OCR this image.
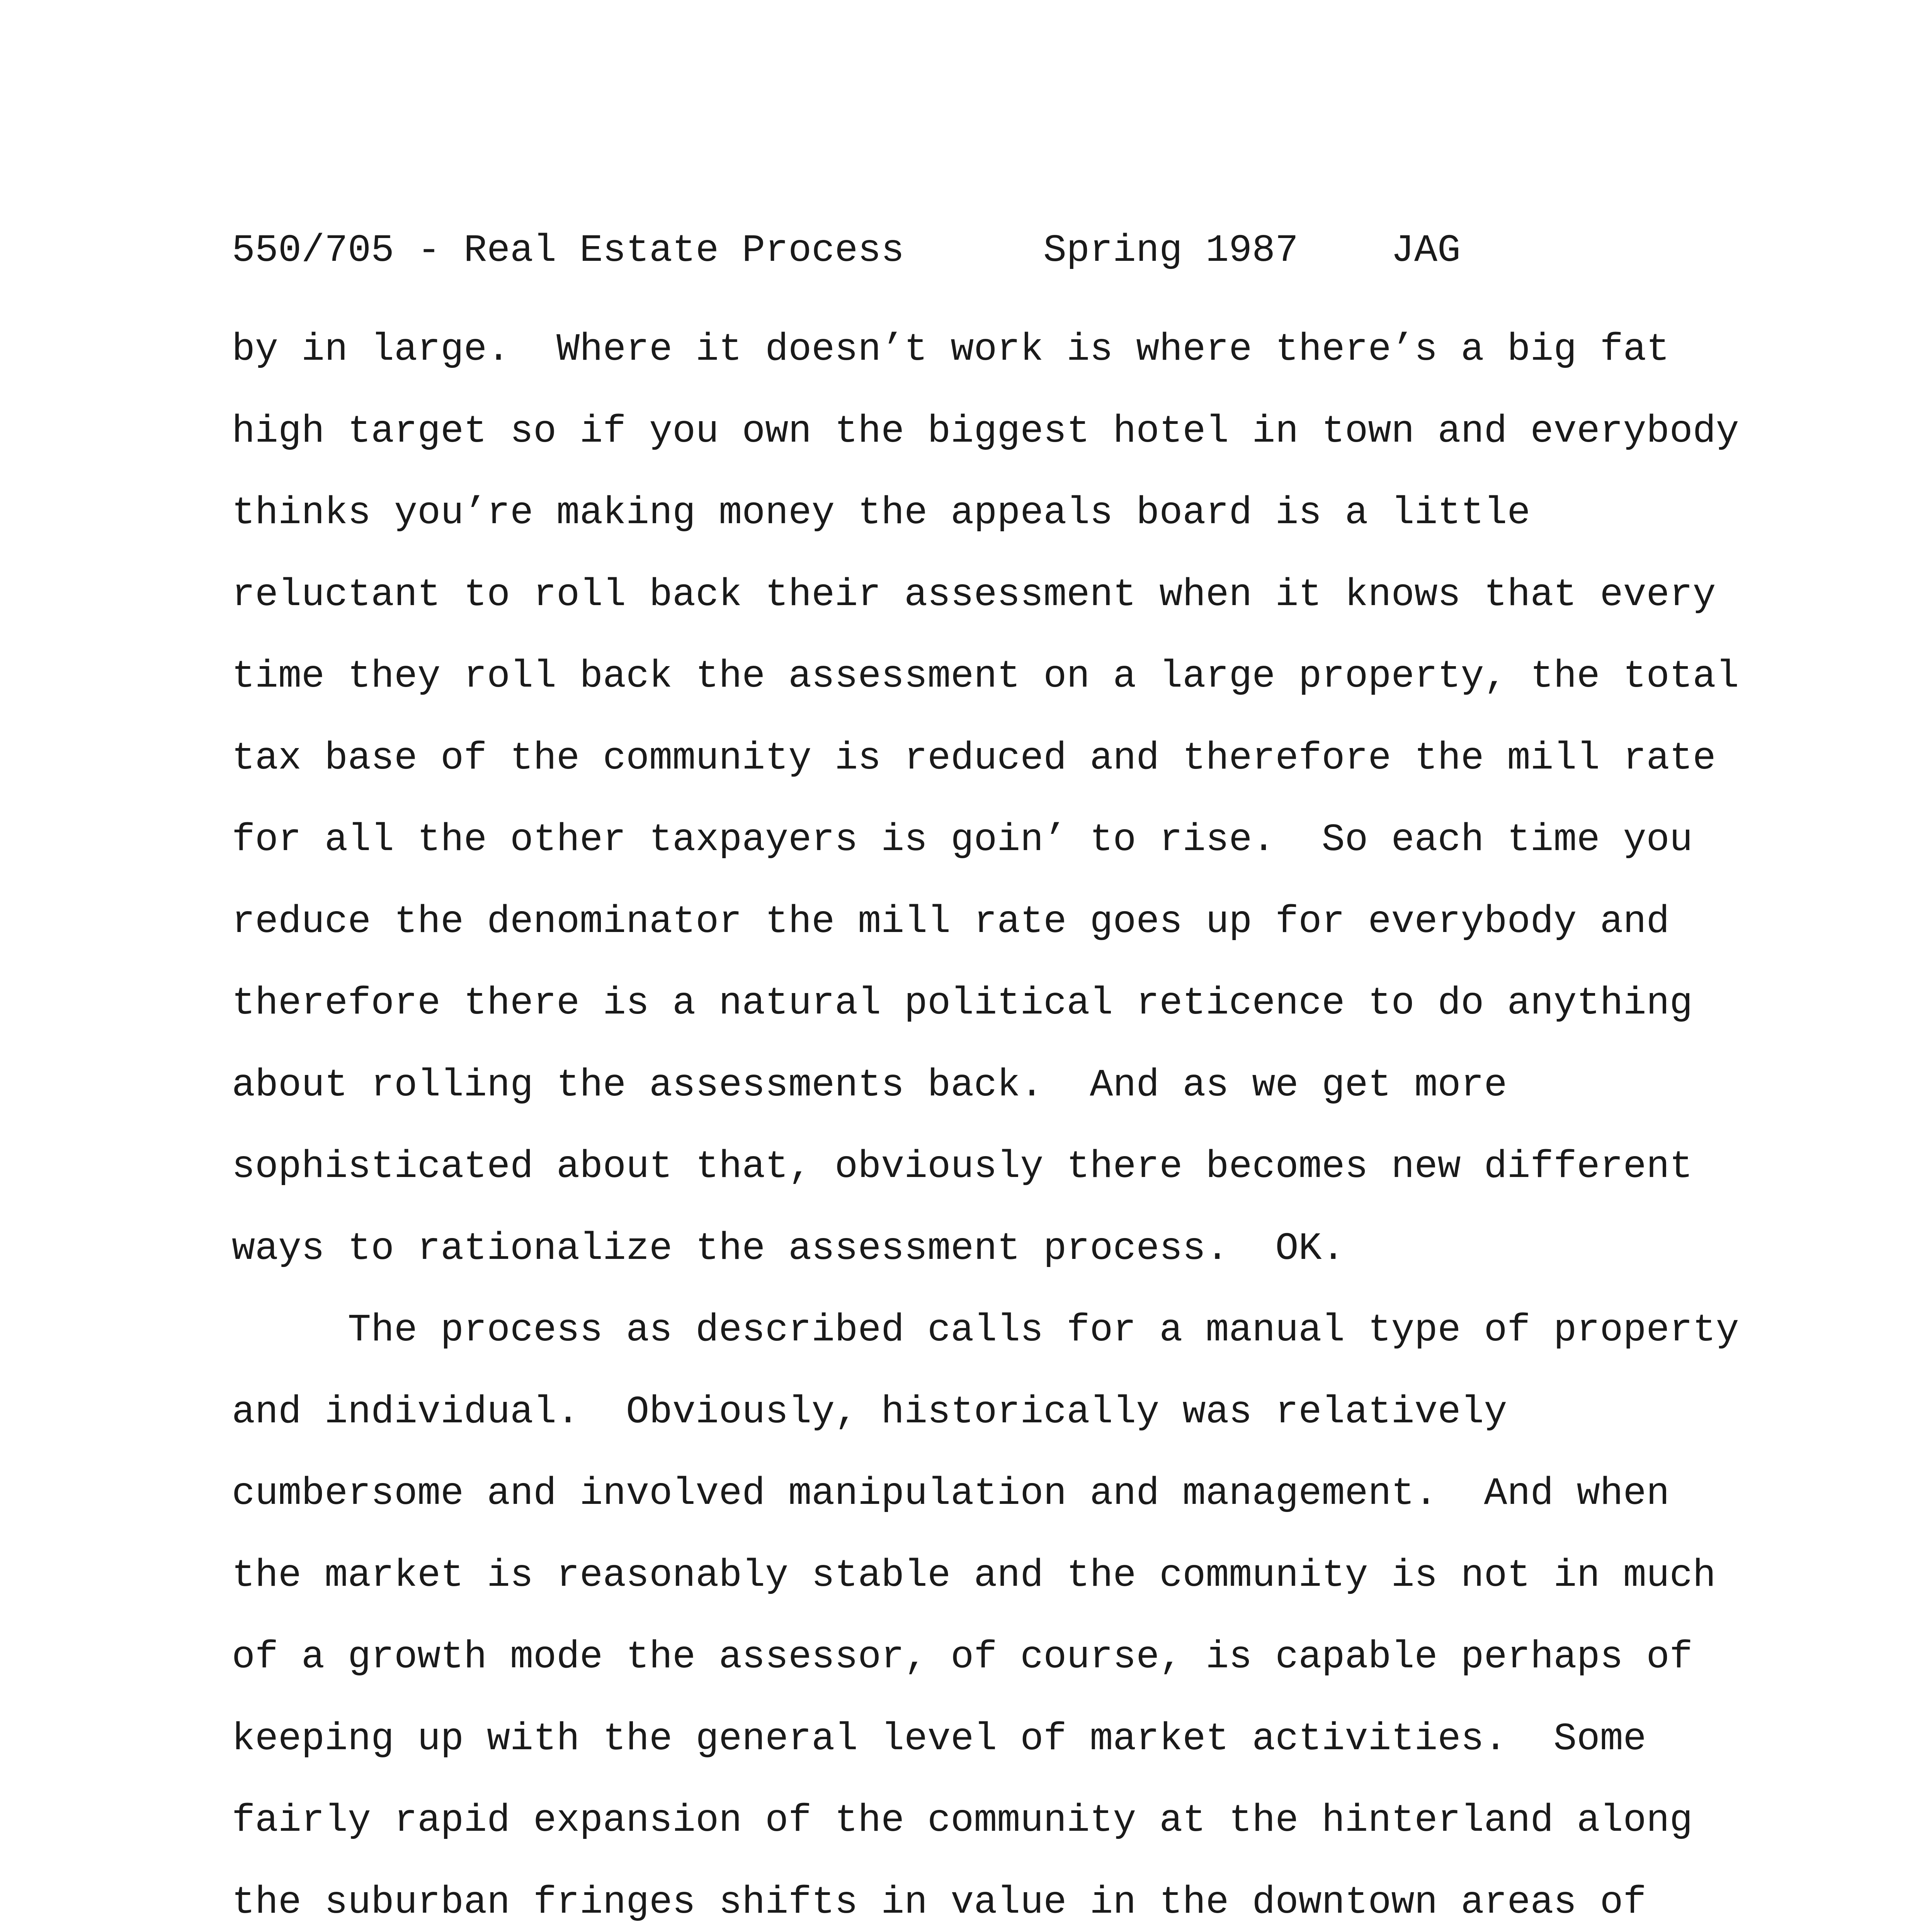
550/705 - Real Estate Process

	Spring 1987

JAG

by in large.  Where it doesn’t work is where there’s a big fat
high target so if you own the biggest hotel in town and everybody
thinks you’re making money the appeals board is a little
reluctant to roll back their assessment when it knows that every
time they roll back the assessment on a large property, the total
tax base of the community is reduced and therefore the mill rate
for all the other taxpayers is goin’ to rise.  So each time you
reduce the denominator the mill rate goes up for everybody and
therefore there is a natural political reticence to do anything
about rolling the assessments back.  And as we get more
sophisticated about that, obviously there becomes new different
ways to rationalize the assessment process.  OK.
The process as described calls for a manual type of property
and individual.  Obviously, historically was relatively
cumbersome and involved manipulation and management.  And when
the market is reasonably stable and the community is not in much
of a growth mode the assessor, of course, is capable perhaps of
keeping up with the general level of market activities.  Some
fairly rapid expansion of the community at the hinterland along
the suburban fringes shifts in value in the downtown areas of
